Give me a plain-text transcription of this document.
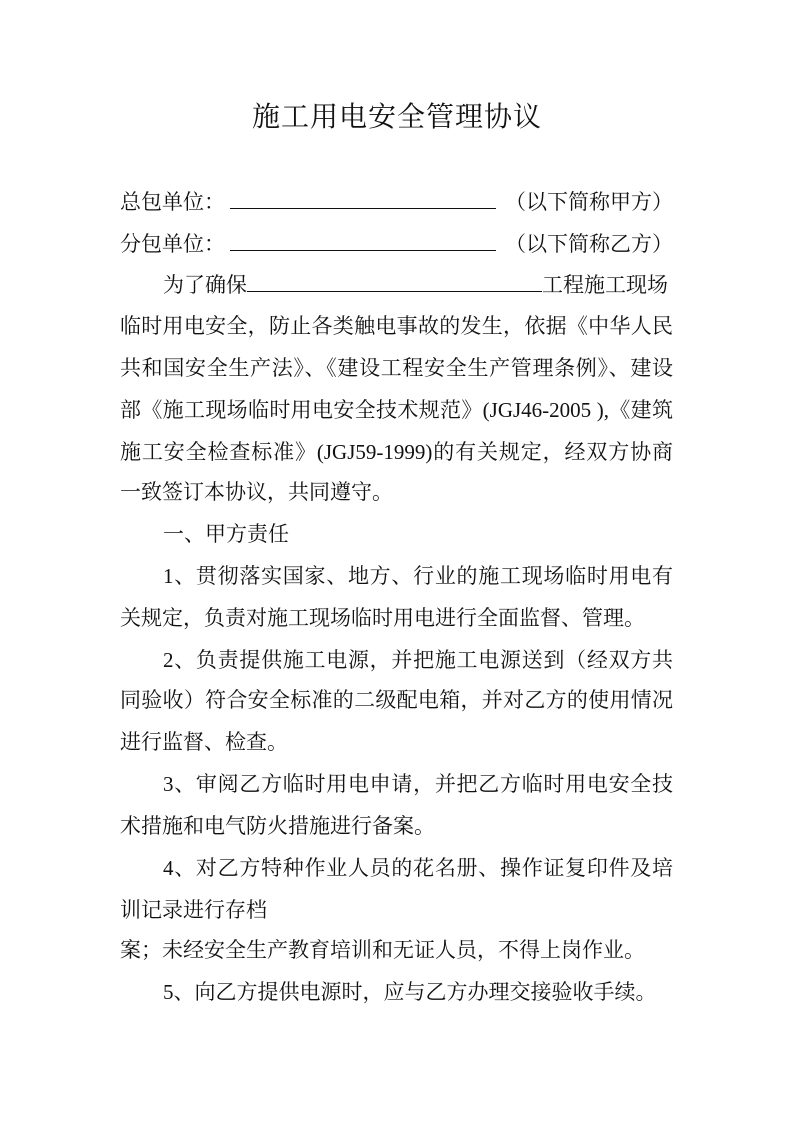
施工用电安全管理协议
总包单位：	（以下简称甲方）
分包单位：	（以下简称乙方）
为了确保	工程施工现场
临时用电安全，防止各类触电事故的发生，依据《中华人民
共和国安全生产法》、《建设工程安全生产管理条例》、建设
部《施工现场临时用电安全技术规范》(JGJ46-2005 ),《建筑
施工安全检查标准》(JGJ59-1999)的有关规定，经双方协商
一致签订本协议，共同遵守。
一、甲方责任
1、贯彻落实国家、地方、行业的施工现场临时用电有
关规定，负责对施工现场临时用电进行全面监督、管理。
2、负责提供施工电源，并把施工电源送到（经双方共
同验收）符合安全标准的二级配电箱，并对乙方的使用情况
进行监督、检查。
3、审阅乙方临时用电申请，并把乙方临时用电安全技
术措施和电气防火措施进行备案。
4、对乙方特种作业人员的花名册、操作证复印件及培
训记录进行存档
案；未经安全生产教育培训和无证人员，不得上岗作业。
5、向乙方提供电源时，应与乙方办理交接验收手续。
